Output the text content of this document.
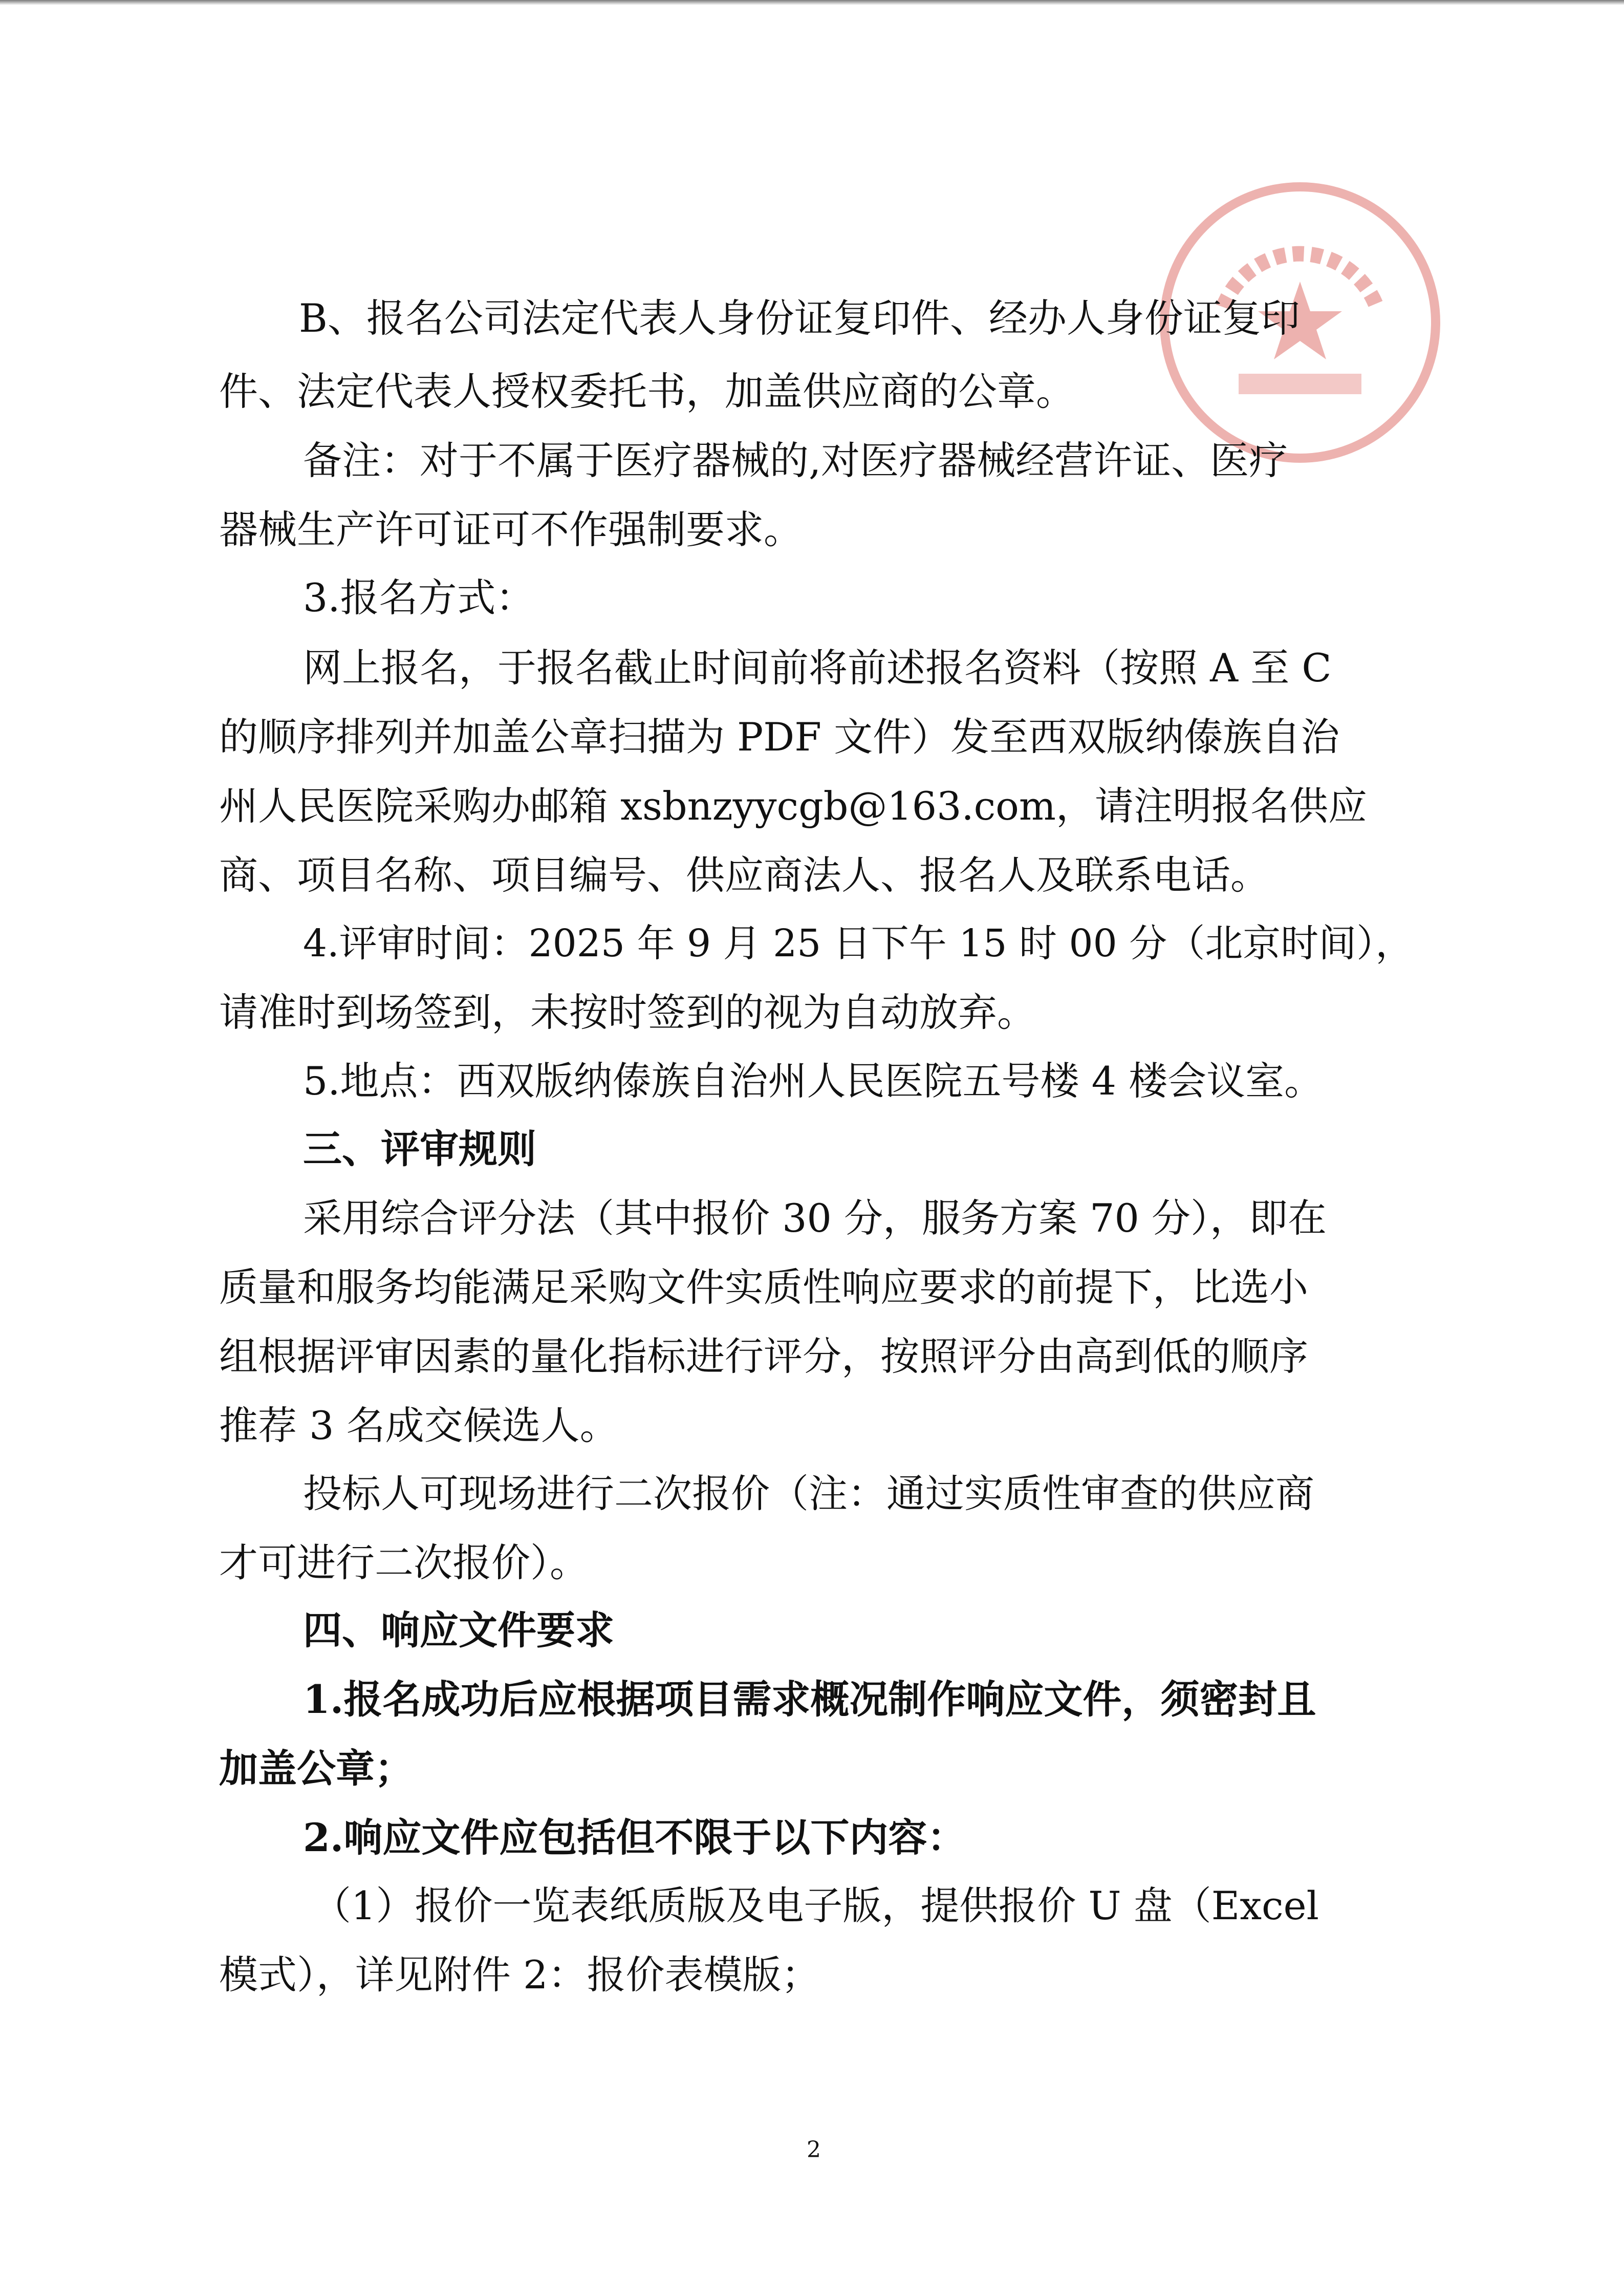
B、报名公司法定代表人身份证复印件、经办人身份证复印

件、法定代表人授权委托书，加盖供应商的公章。

备注：对于不属于医疗器械的,对医疗器械经营许证、医疗

器械生产许可证可不作强制要求。

3.报名方式：

网上报名，于报名截止时间前将前述报名资料（按照 A 至 C

的顺序排列并加盖公章扫描为 PDF 文件）发至西双版纳傣族自治

州人民医院采购办邮箱 xsbnzyycgb@163.com，请注明报名供应

商、项目名称、项目编号、供应商法人、报名人及联系电话。

4.评审时间：2025 年 9 月 25 日下午 15 时 00 分（北京时间），

请准时到场签到，未按时签到的视为自动放弃。

5.地点：西双版纳傣族自治州人民医院五号楼 4 楼会议室。

三、评审规则

采用综合评分法（其中报价 30 分，服务方案 70 分），即在

质量和服务均能满足采购文件实质性响应要求的前提下，比选小

组根据评审因素的量化指标进行评分，按照评分由高到低的顺序

推荐 3 名成交候选人。

投标人可现场进行二次报价（注：通过实质性审查的供应商

才可进行二次报价）。

四、响应文件要求

1.报名成功后应根据项目需求概况制作响应文件，须密封且

加盖公章；

2.响应文件应包括但不限于以下内容：

（1）报价一览表纸质版及电子版，提供报价 U 盘（Excel

模式），详见附件 2：报价表模版；

2
